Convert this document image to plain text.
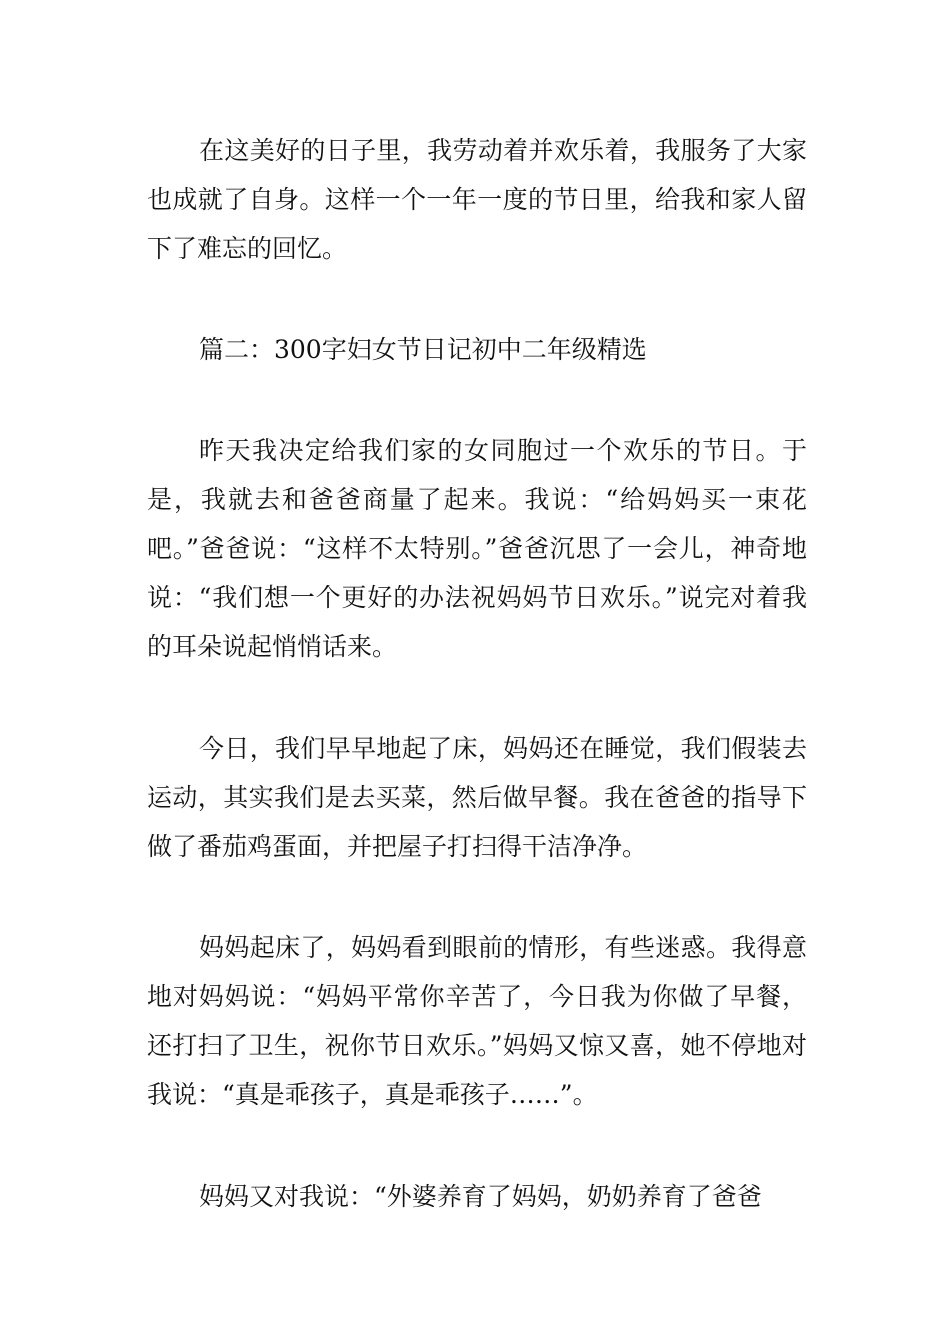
在这美好的日子里，我劳动着并欢乐着，我服务了大家也成就了自身。这样一个一年一度的节日里，给我和家人留下了难忘的回忆。

篇二：300字妇女节日记初中二年级精选

昨天我决定给我们家的女同胞过一个欢乐的节日。于是，我就去和爸爸商量了起来。我说：“给妈妈买一束花吧。”爸爸说：“这样不太特别。”爸爸沉思了一会儿，神奇地说：“我们想一个更好的办法祝妈妈节日欢乐。”说完对着我的耳朵说起悄悄话来。

今日，我们早早地起了床，妈妈还在睡觉，我们假装去运动，其实我们是去买菜，然后做早餐。我在爸爸的指导下做了番茄鸡蛋面，并把屋子打扫得干洁净净。

妈妈起床了，妈妈看到眼前的情形，有些迷惑。我得意地对妈妈说：“妈妈平常你辛苦了，今日我为你做了早餐，还打扫了卫生，祝你节日欢乐。”妈妈又惊又喜，她不停地对我说：“真是乖孩子，真是乖孩子……”。

妈妈又对我说：“外婆养育了妈妈，奶奶养育了爸爸
